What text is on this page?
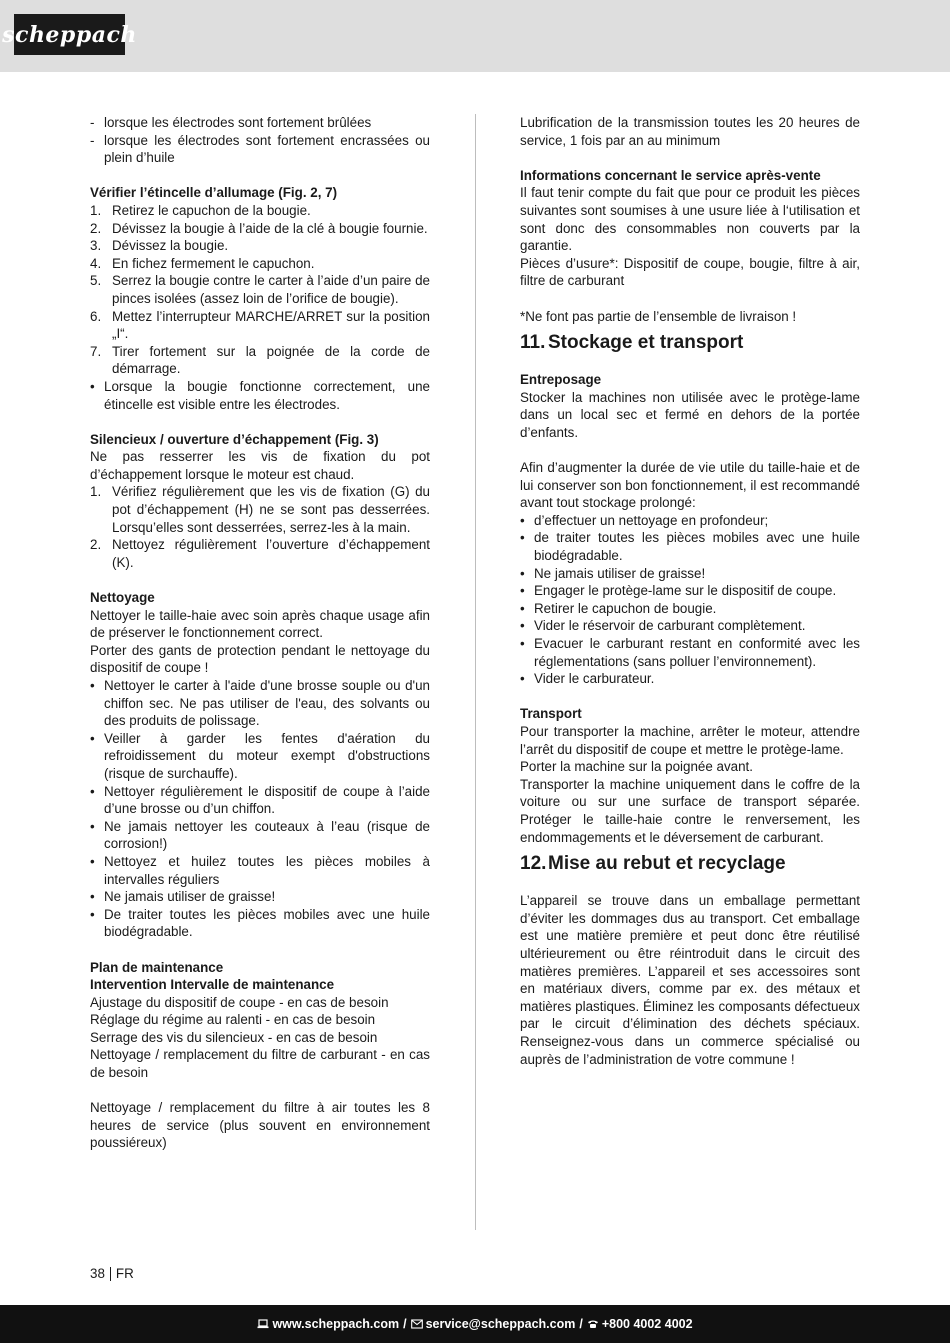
scheppach
- lorsque les électrodes sont fortement brûlées
- lorsque les électrodes sont fortement encrassées ou plein d’huile
Vérifier l’étincelle d’allumage (Fig. 2, 7)
1. Retirez le capuchon de la bougie.
2. Dévissez la bougie à l’aide de la clé à bougie fournie.
3. Dévissez la bougie.
4. En fichez fermement le capuchon.
5. Serrez la bougie contre le carter à l’aide d’un paire de pinces isolées (assez loin de l’orifice de bougie).
6. Mettez l’interrupteur MARCHE/ARRET sur la position „I“.
7. Tirer fortement sur la poignée de la corde de démarrage.
• Lorsque la bougie fonctionne correctement, une étincelle est visible entre les électrodes.
Silencieux / ouverture d’échappement (Fig. 3)
Ne pas resserrer les vis de fixation du pot d’échappement lorsque le moteur est chaud.
1. Vérifiez régulièrement que les vis de fixation (G) du pot d’échappement (H) ne se sont pas desserrées. Lorsqu’elles sont desserrées, serrez-les à la main.
2. Nettoyez régulièrement l’ouverture d’échappement (K).
Nettoyage
Nettoyer le taille-haie avec soin après chaque usage afin de préserver le fonctionnement correct.
Porter des gants de protection pendant le nettoyage du dispositif de coupe !
• Nettoyer le carter à l'aide d'une brosse souple ou d'un chiffon sec. Ne pas utiliser de l'eau, des solvants ou des produits de polissage.
• Veiller à garder les fentes d'aération du refroidissement du moteur exempt d'obstructions (risque de surchauffe).
• Nettoyer régulièrement le dispositif de coupe à l’aide d’une brosse ou d’un chiffon.
• Ne jamais nettoyer les couteaux à l’eau (risque de corrosion!)
• Nettoyez et huilez toutes les pièces mobiles à intervalles réguliers
• Ne jamais utiliser de graisse!
• De traiter toutes les pièces mobiles avec une huile biodégradable.
Plan de maintenance
Intervention Intervalle de maintenance
Ajustage du dispositif de coupe - en cas de besoin
Réglage du régime au ralenti - en cas de besoin
Serrage des vis du silencieux - en cas de besoin
Nettoyage / remplacement du filtre de carburant - en cas de besoin
Nettoyage / remplacement du filtre à air toutes les 8 heures de service (plus souvent en environnement poussiéreux)
Lubrification de la transmission toutes les 20 heures de service, 1 fois par an au minimum
Informations concernant le service après-vente
Il faut tenir compte du fait que pour ce produit les pièces suivantes sont soumises à une usure liée à l‘utilisation et sont donc des consommables non couverts par la garantie.
Pièces d’usure*: Dispositif de coupe, bougie, filtre à air, filtre de carburant
*Ne font pas partie de l’ensemble de livraison !
11. Stockage et transport
Entreposage
Stocker la machines non utilisée avec le protège-lame dans un local sec et fermé en dehors de la portée d’enfants.
Afin d’augmenter la durée de vie utile du taille-haie et de lui conserver son bon fonctionnement, il est recommandé avant tout stockage prolongé:
• d’effectuer un nettoyage en profondeur;
• de traiter toutes les pièces mobiles avec une huile biodégradable.
• Ne jamais utiliser de graisse!
• Engager le protège-lame sur le dispositif de coupe.
• Retirer le capuchon de bougie.
• Vider le réservoir de carburant complètement.
• Evacuer le carburant restant en conformité avec les réglementations (sans polluer l’environnement).
• Vider le carburateur.
Transport
Pour transporter la machine, arrêter le moteur, attendre l’arrêt du dispositif de coupe et mettre le protège-lame.
Porter la machine sur la poignée avant.
Transporter la machine uniquement dans le coffre de la voiture ou sur une surface de transport séparée. Protéger le taille-haie contre le renversement, les endommagements et le déversement de carburant.
12. Mise au rebut et recyclage
L’appareil se trouve dans un emballage permettant d’éviter les dommages dus au transport. Cet emballage est une matière première et peut donc être réutilisé ultérieurement ou être réintroduit dans le circuit des matières premières. L’appareil et ses accessoires sont en matériaux divers, comme par ex. des métaux et matières plastiques. Éliminez les composants défectueux par le circuit d’élimination des déchets spéciaux. Renseignez-vous dans un commerce spécialisé ou auprès de l’administration de votre commune !
38 FR
www.scheppach.com / service@scheppach.com / +800 4002 4002
